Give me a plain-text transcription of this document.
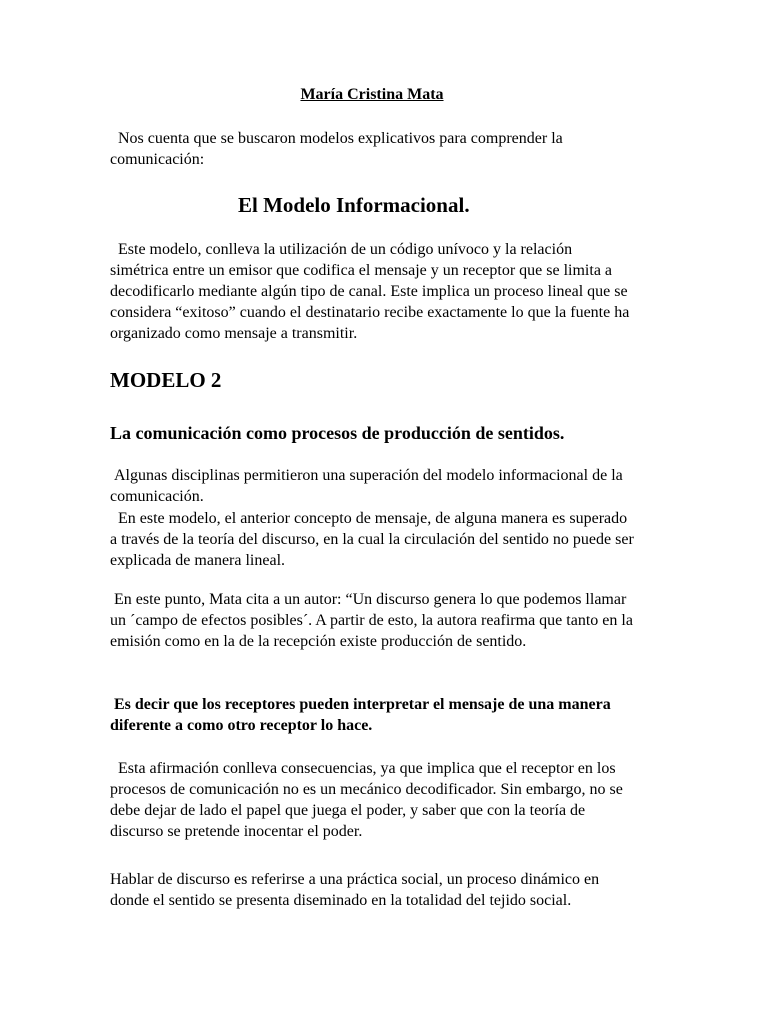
María Cristina Mata

Nos cuenta que se buscaron modelos explicativos para comprender la comunicación:

El Modelo Informacional.

Este modelo, conlleva la utilización de un código unívoco y la relación simétrica entre un emisor que codifica el mensaje y un receptor que se limita a decodificarlo mediante algún tipo de canal. Este implica un proceso lineal que se considera “exitoso” cuando el destinatario recibe exactamente lo que la fuente ha organizado como mensaje a transmitir.

MODELO 2
La comunicación como procesos de producción de sentidos.

Algunas disciplinas permitieron una superación del modelo informacional de la comunicación.

En este modelo, el anterior concepto de mensaje, de alguna manera es superado a través de la teoría del discurso, en la cual la circulación del sentido no puede ser explicada de manera lineal.

En este punto, Mata cita a un autor: “Un discurso genera lo que podemos llamar un ´campo de efectos posibles´. A partir de esto, la autora reafirma que tanto en la emisión como en la de la recepción existe producción de sentido.

Es decir que los receptores pueden interpretar el mensaje de una manera diferente a como otro receptor lo hace.

Esta afirmación conlleva consecuencias, ya que implica que el receptor en los procesos de comunicación no es un mecánico decodificador. Sin embargo, no se debe dejar de lado el papel que juega el poder, y saber que con la teoría de discurso se pretende inocentar el poder.

Hablar de discurso es referirse a una práctica social, un proceso dinámico en donde el sentido se presenta diseminado en la totalidad del tejido social.
